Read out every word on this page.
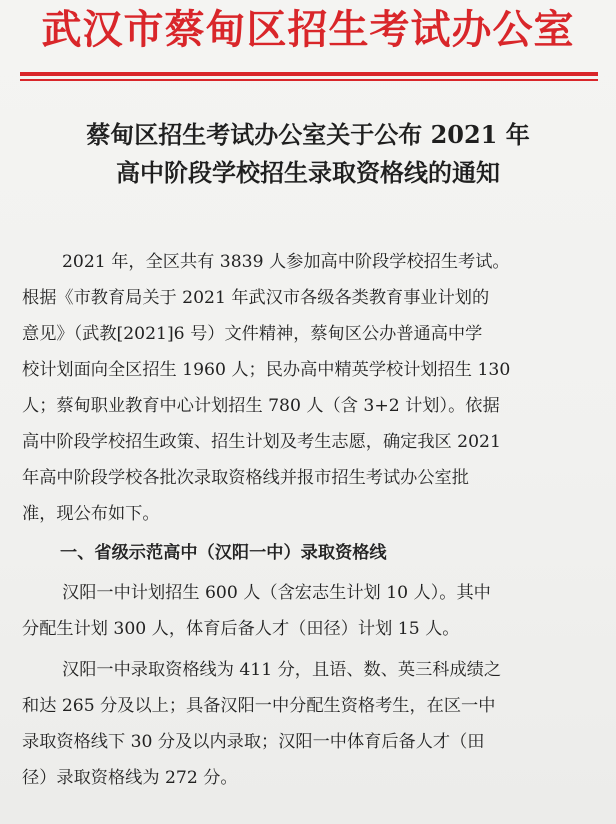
武汉市蔡甸区招生考试办公室
蔡甸区招生考试办公室关于公布 2021 年
高中阶段学校招生录取资格线的通知
2021 年，全区共有 3839 人参加高中阶段学校招生考试。
根据《市教育局关于 2021 年武汉市各级各类教育事业计划的
意见》（武教[2021]6 号）文件精神，蔡甸区公办普通高中学
校计划面向全区招生 1960 人；民办高中精英学校计划招生 130
人；蔡甸职业教育中心计划招生 780 人（含 3+2 计划）。依据
高中阶段学校招生政策、招生计划及考生志愿，确定我区 2021
年高中阶段学校各批次录取资格线并报市招生考试办公室批
准，现公布如下。
一、省级示范高中（汉阳一中）录取资格线
汉阳一中计划招生 600 人（含宏志生计划 10 人）。其中
分配生计划 300 人，体育后备人才（田径）计划 15 人。
汉阳一中录取资格线为 411 分，且语、数、英三科成绩之
和达 265 分及以上；具备汉阳一中分配生资格考生，在区一中
录取资格线下 30 分及以内录取；汉阳一中体育后备人才（田
径）录取资格线为 272 分。
